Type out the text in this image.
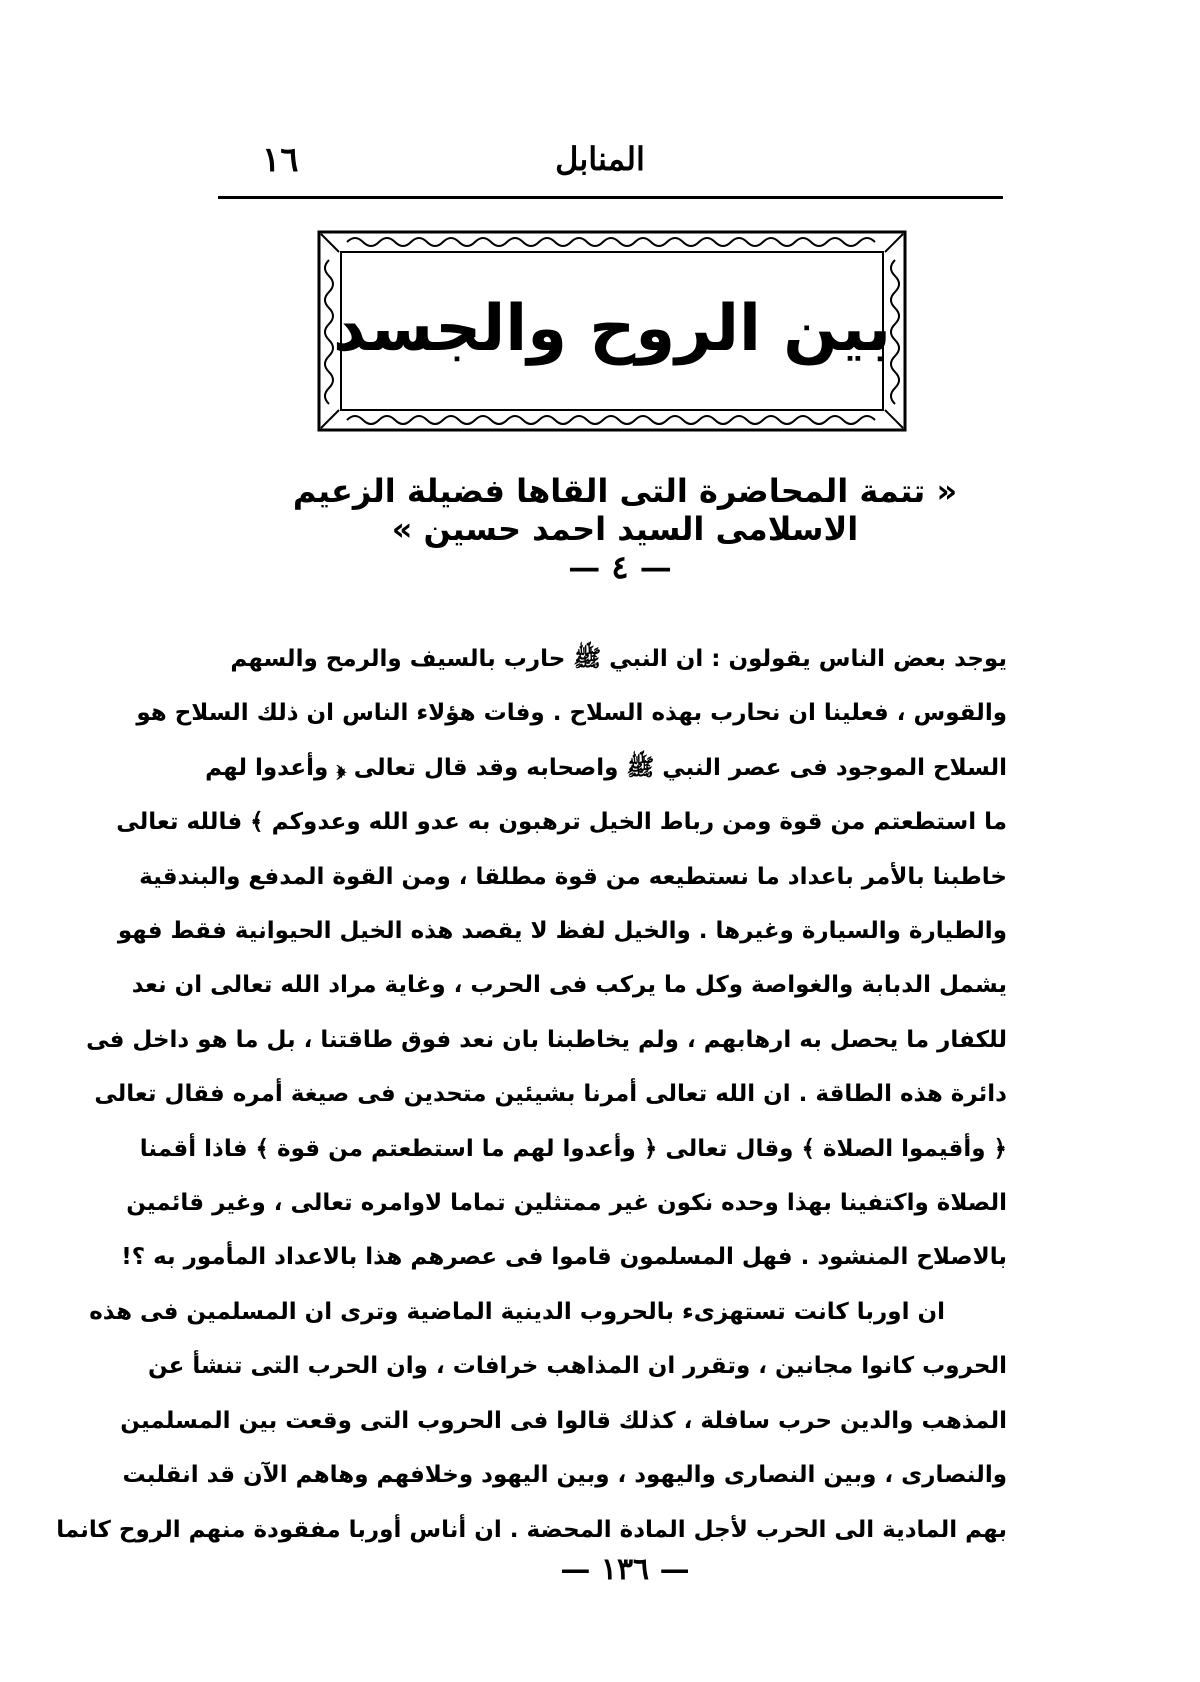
١٦	المنابل
بين الروح والجسد
« تتمة المحاضرة التى القاها فضيلة الزعيم الاسلامى السيد احمد حسين »
— ٤ —
يوجد بعض الناس يقولون : ان النبي ﷺ حارب بالسيف والرمح والسهم
والقوس ، فعلينا ان نحارب بهذه السلاح . وفات هؤلاء الناس ان ذلك السلاح هو
السلاح الموجود فى عصر النبي ﷺ واصحابه وقد قال تعالى ﴿ وأعدوا لهم
ما استطعتم من قوة ومن رباط الخيل ترهبون به عدو الله وعدوكم ﴾ فالله تعالى
خاطبنا بالأمر باعداد ما نستطيعه من قوة مطلقا ، ومن القوة المدفع والبندقية
والطيارة والسيارة وغيرها . والخيل لفظ لا يقصد هذه الخيل الحيوانية فقط فهو
يشمل الدبابة والغواصة وكل ما يركب فى الحرب ، وغاية مراد الله تعالى ان نعد
للكفار ما يحصل به ارهابهم ، ولم يخاطبنا بان نعد فوق طاقتنا ، بل ما هو داخل فى
دائرة هذه الطاقة . ان الله تعالى أمرنا بشيئين متحدين فى صيغة أمره فقال تعالى
﴿ وأقيموا الصلاة ﴾ وقال تعالى ﴿ وأعدوا لهم ما استطعتم من قوة ﴾ فاذا أقمنا
الصلاة واكتفينا بهذا وحده نكون غير ممتثلين تماما لاوامره تعالى ، وغير قائمين
بالاصلاح المنشود . فهل المسلمون قاموا فى عصرهم هذا بالاعداد المأمور به ؟!
ان اوربا كانت تستهزىء بالحروب الدينية الماضية وترى ان المسلمين فى هذه
الحروب كانوا مجانين ، وتقرر ان المذاهب خرافات ، وان الحرب التى تنشأ عن
المذهب والدين حرب سافلة ، كذلك قالوا فى الحروب التى وقعت بين المسلمين
والنصارى ، وبين النصارى واليهود ، وبين اليهود وخلافهم وهاهم الآن قد انقلبت
بهم المادية الى الحرب لأجل المادة المحضة . ان أناس أوربا مفقودة منهم الروح كانما
— ١٣٦ —
